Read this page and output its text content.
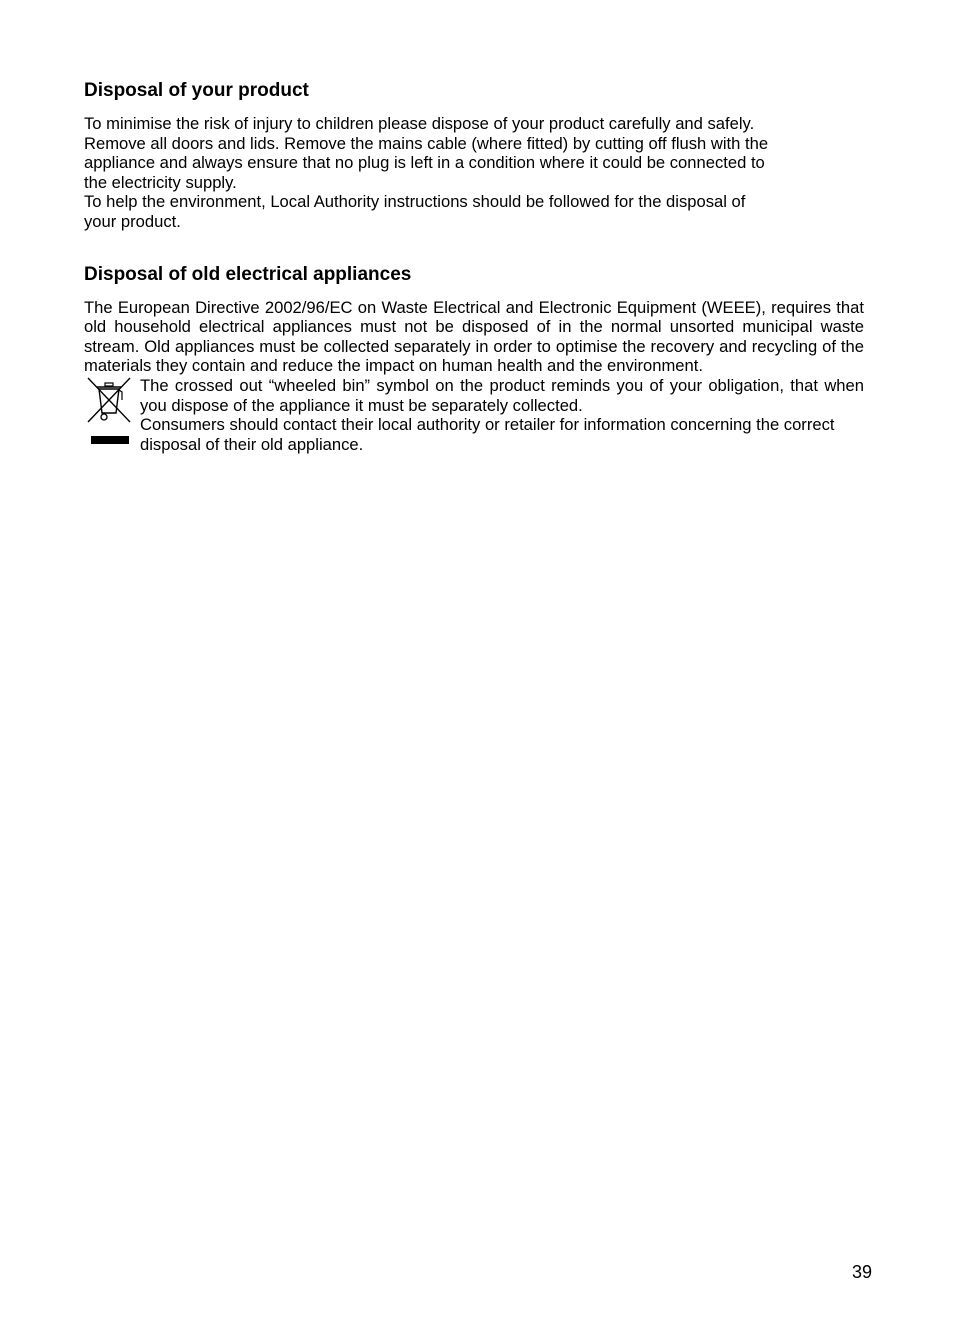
Disposal of your product

To minimise the risk of injury to children please dispose of your product carefully and safely.

Remove all doors and lids. Remove the mains cable (where fitted) by cutting off flush with the

appliance and always ensure that no plug is left in a condition where it could be connected to

the electricity supply.

To help the environment, Local Authority instructions should be followed for the disposal of

your product.

Disposal of old electrical appliances

The European Directive 2002/96/EC on Waste Electrical and Electronic Equipment (WEEE), requires that old household electrical appliances must not be disposed of in the normal unsorted municipal waste stream. Old appliances must be collected separately in order to optimise the recovery and recycling of the materials they contain and reduce the impact on human health and the environment.

The crossed out “wheeled bin” symbol on the product reminds you of your obligation, that when you dispose of the appliance it must be separately collected.

Consumers should contact their local authority or retailer for information concerning the correct disposal of their old appliance.

39
